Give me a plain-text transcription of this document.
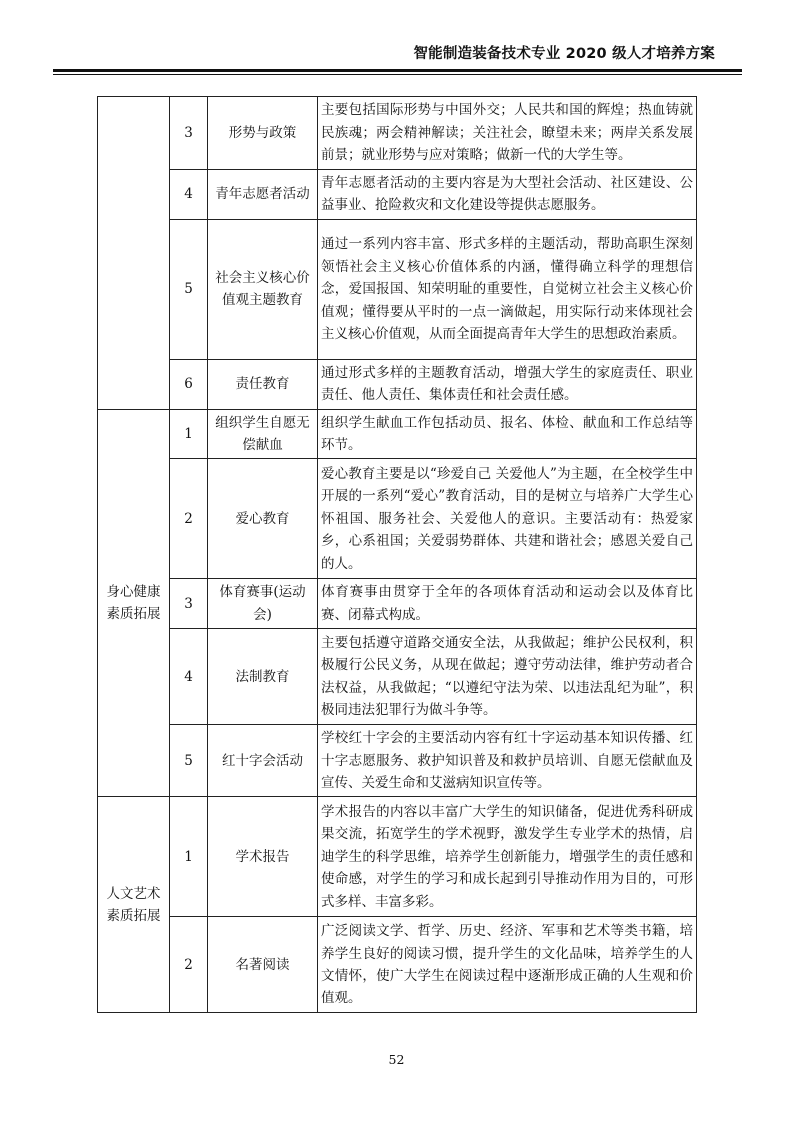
智能制造装备技术专业 2020 级人才培养方案
	3	形势与政策	主要包括国际形势与中国外交；人民共和国的辉煌；热血铸就民族魂；两会精神解读；关注社会，瞭望未来；两岸关系发展前景；就业形势与应对策略；做新一代的大学生等。
	4	青年志愿者活动	青年志愿者活动的主要内容是为大型社会活动、社区建设、公益事业、抢险救灾和文化建设等提供志愿服务。
	5	社会主义核心价值观主题教育	通过一系列内容丰富、形式多样的主题活动，帮助高职生深刻领悟社会主义核心价值体系的内涵，懂得确立科学的理想信念，爱国报国、知荣明耻的重要性，自觉树立社会主义核心价值观；懂得要从平时的一点一滴做起，用实际行动来体现社会主义核心价值观，从而全面提高青年大学生的思想政治素质。
	6	责任教育	通过形式多样的主题教育活动，增强大学生的家庭责任、职业责任、他人责任、集体责任和社会责任感。
身心健康素质拓展	1	组织学生自愿无偿献血	组织学生献血工作包括动员、报名、体检、献血和工作总结等环节。
	2	爱心教育	爱心教育主要是以“珍爱自己 关爱他人”为主题，在全校学生中开展的一系列“爱心”教育活动，目的是树立与培养广大学生心怀祖国、服务社会、关爱他人的意识。主要活动有：热爱家乡，心系祖国；关爱弱势群体、共建和谐社会；感恩关爱自己的人。
	3	体育赛事(运动会)	体育赛事由贯穿于全年的各项体育活动和运动会以及体育比赛、闭幕式构成。
	4	法制教育	主要包括遵守道路交通安全法，从我做起；维护公民权利，积极履行公民义务，从现在做起；遵守劳动法律，维护劳动者合法权益，从我做起；“以遵纪守法为荣、以违法乱纪为耻”，积极同违法犯罪行为做斗争等。
	5	红十字会活动	学校红十字会的主要活动内容有红十字运动基本知识传播、红十字志愿服务、救护知识普及和救护员培训、自愿无偿献血及宣传、关爱生命和艾滋病知识宣传等。
人文艺术素质拓展	1	学术报告	学术报告的内容以丰富广大学生的知识储备，促进优秀科研成果交流，拓宽学生的学术视野，激发学生专业学术的热情，启迪学生的科学思维，培养学生创新能力，增强学生的责任感和使命感，对学生的学习和成长起到引导推动作用为目的，可形式多样、丰富多彩。
	2	名著阅读	广泛阅读文学、哲学、历史、经济、军事和艺术等类书籍，培养学生良好的阅读习惯，提升学生的文化品味，培养学生的人文情怀，使广大学生在阅读过程中逐渐形成正确的人生观和价值观。
52
